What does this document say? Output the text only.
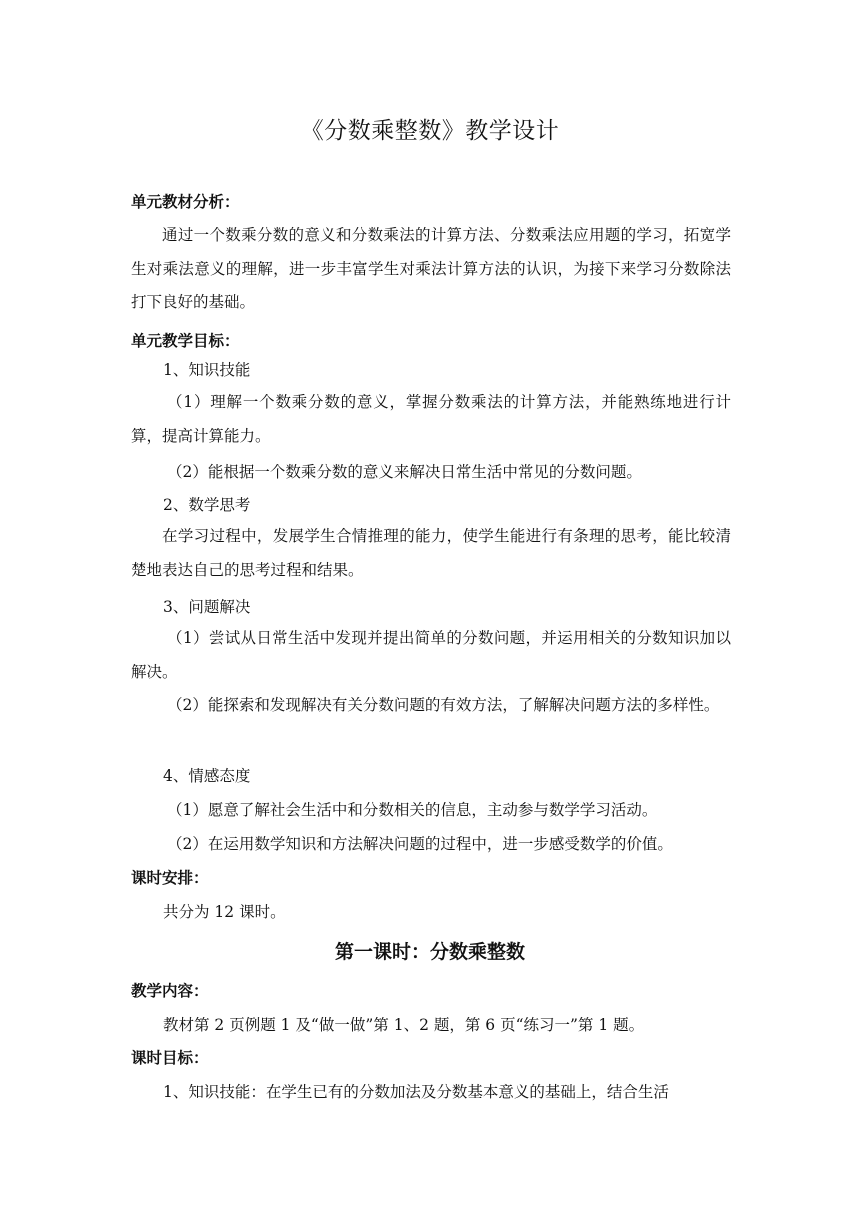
《分数乘整数》教学设计
单元教材分析：
通过一个数乘分数的意义和分数乘法的计算方法、分数乘法应用题的学习，拓宽学生对乘法意义的理解，进一步丰富学生对乘法计算方法的认识，为接下来学习分数除法打下良好的基础。
单元教学目标：
1、知识技能
（1）理解一个数乘分数的意义，掌握分数乘法的计算方法，并能熟练地进行计算，提高计算能力。
（2）能根据一个数乘分数的意义来解决日常生活中常见的分数问题。
2、数学思考
在学习过程中，发展学生合情推理的能力，使学生能进行有条理的思考，能比较清楚地表达自己的思考过程和结果。
3、问题解决
（1）尝试从日常生活中发现并提出简单的分数问题，并运用相关的分数知识加以解决。
（2）能探索和发现解决有关分数问题的有效方法，了解解决问题方法的多样性。
4、情感态度
（1）愿意了解社会生活中和分数相关的信息，主动参与数学学习活动。
（2）在运用数学知识和方法解决问题的过程中，进一步感受数学的价值。
课时安排：
共分为 12 课时。
第一课时：分数乘整数
教学内容：
教材第 2 页例题 1 及“做一做”第 1、2 题，第 6 页“练习一”第 1 题。
课时目标：
1、知识技能：在学生已有的分数加法及分数基本意义的基础上，结合生活
